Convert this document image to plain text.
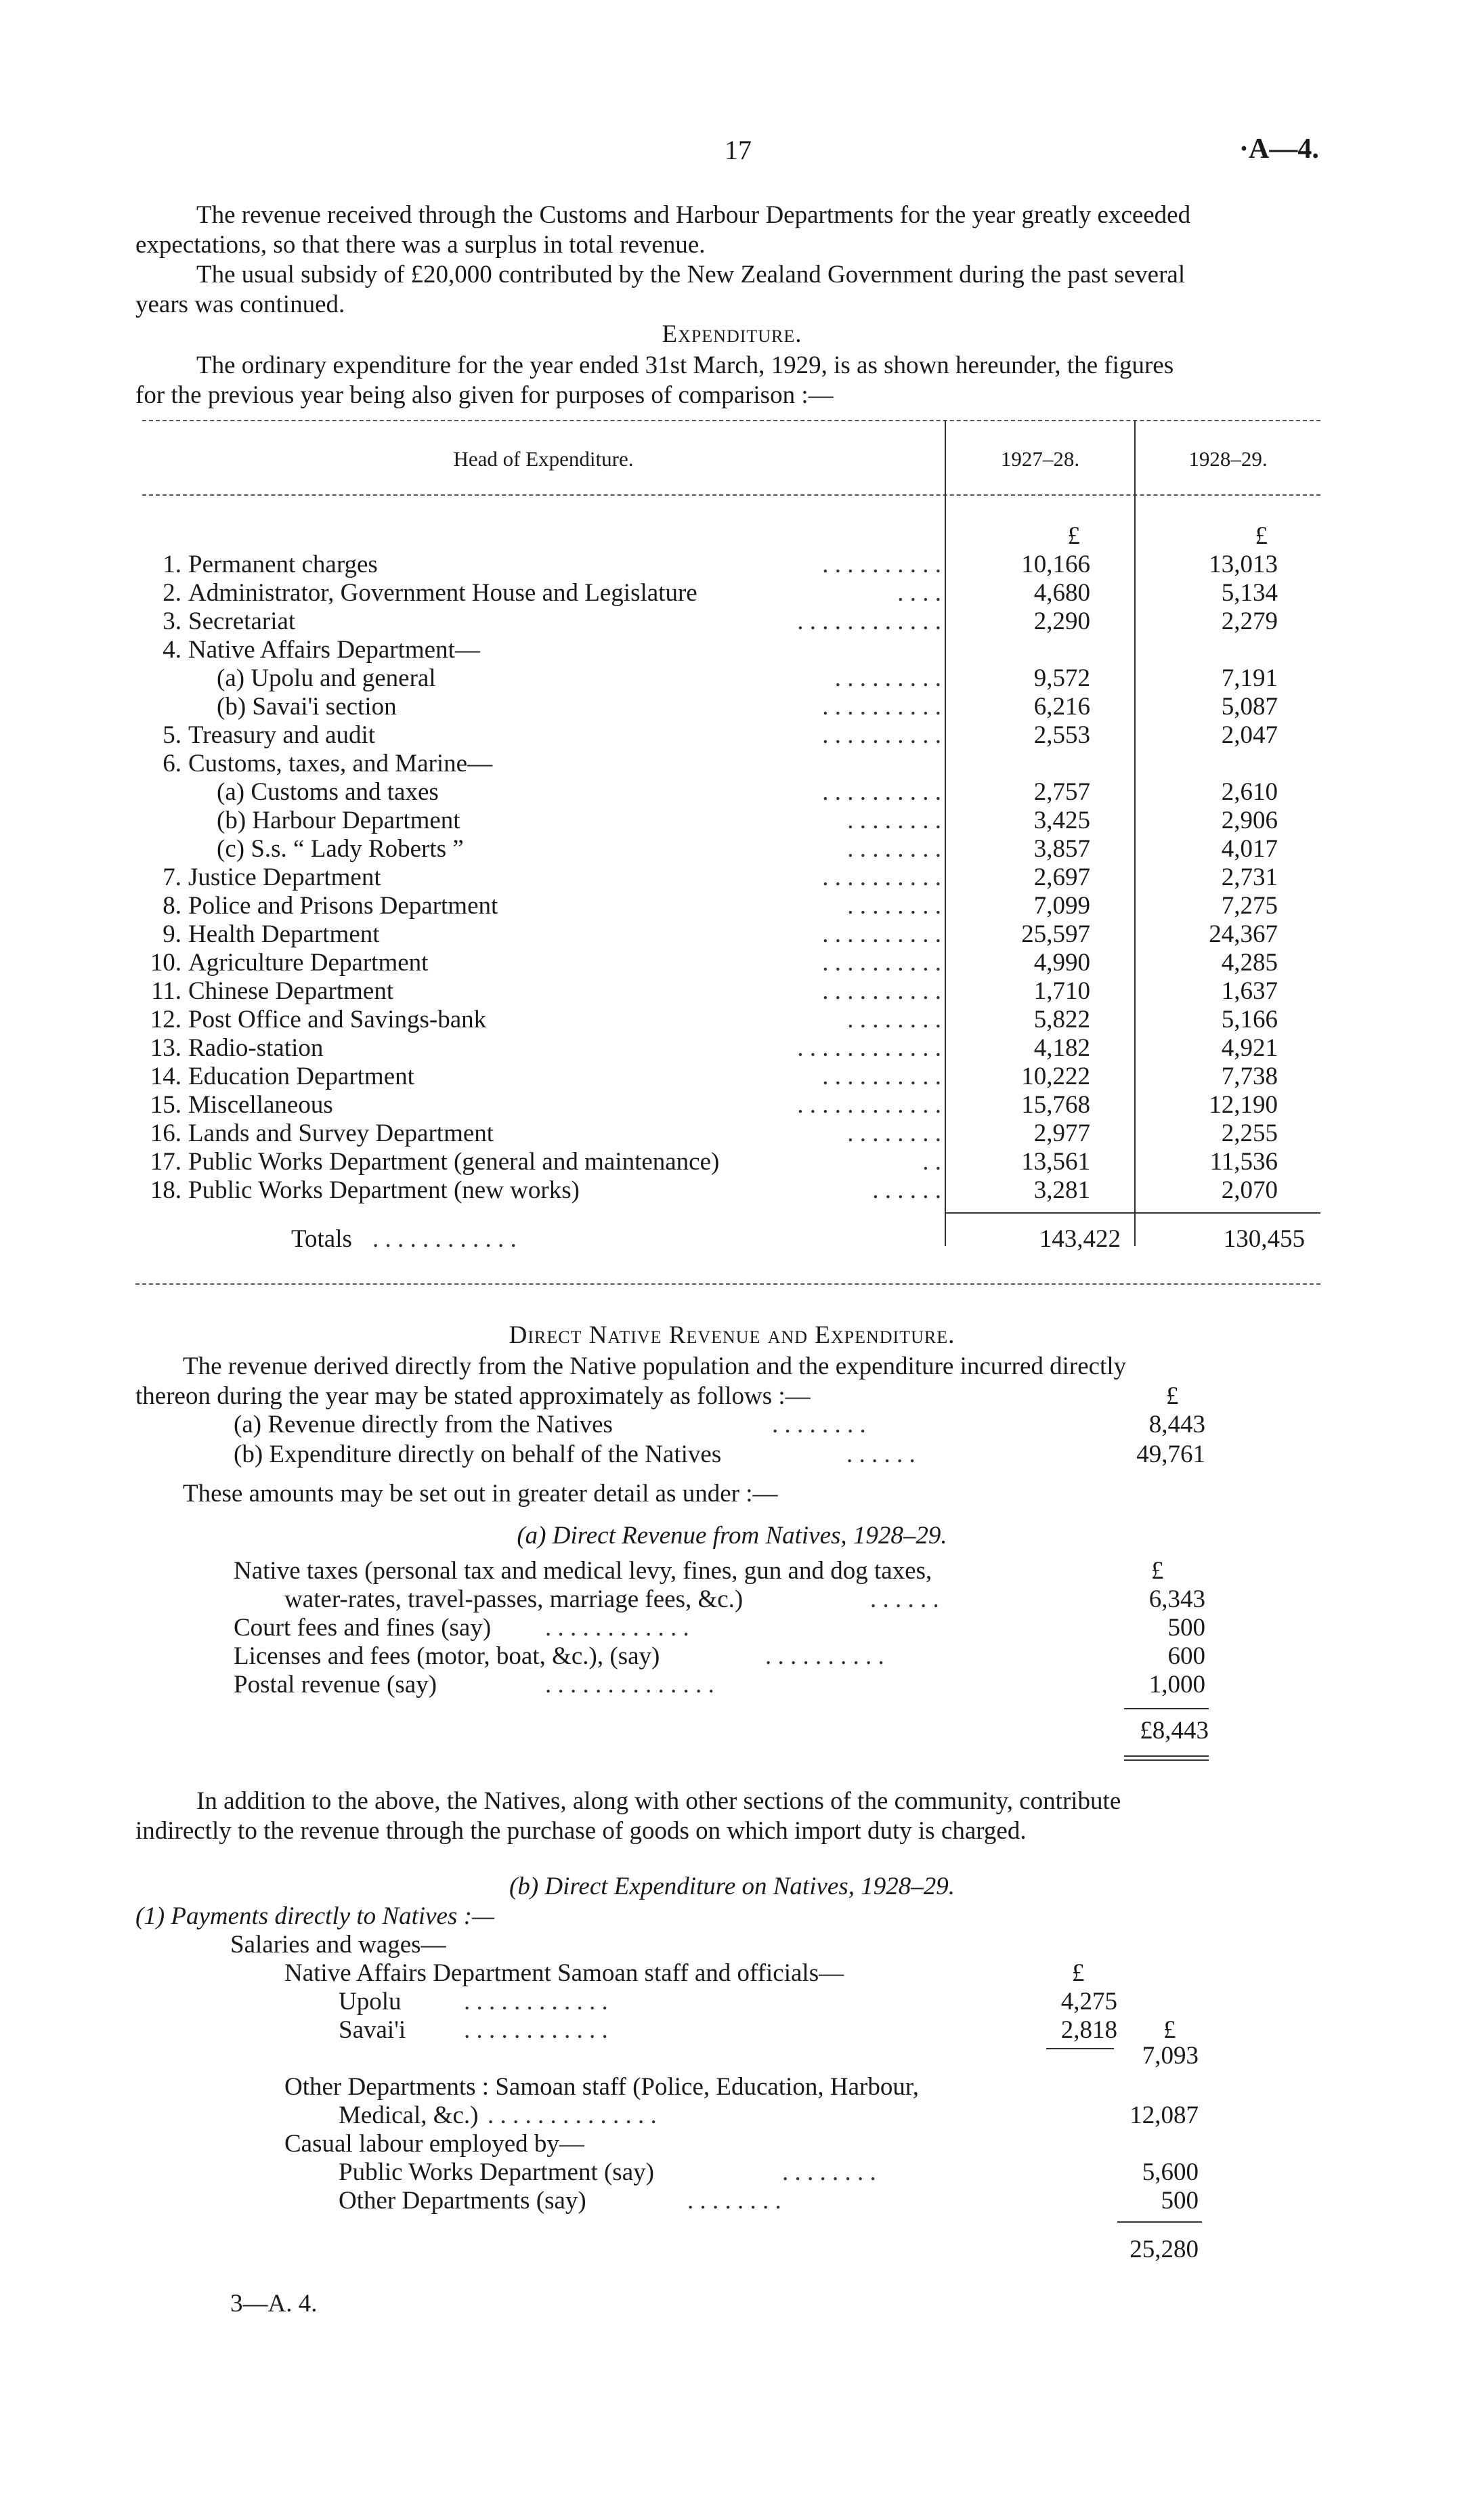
17	·A—4.
The revenue received through the Customs and Harbour Departments for the year greatly exceeded
expectations, so that there was a surplus in total revenue.
The usual subsidy of £20,000 contributed by the New Zealand Government during the past several
years was continued.
Expenditure.
The ordinary expenditure for the year ended 31st March, 1929, is as shown hereunder, the figures
for the previous year being also given for purposes of comparison :—
Head of Expenditure.	1927–28.	1928–29.
£	£
1. Permanent charges	. . . . . . . . . .	10,166	13,013
2. Administrator, Government House and Legislature	. . . .	4,680	5,134
3. Secretariat	. . . . . . . . . . . .	2,290	2,279
4. Native Affairs Department—
(a) Upolu and general	. . . . . . . . .	9,572	7,191
(b) Savai'i section	. . . . . . . . . .	6,216	5,087
5. Treasury and audit	. . . . . . . . . .	2,553	2,047
6. Customs, taxes, and Marine—
(a) Customs and taxes	. . . . . . . . . .	2,757	2,610
(b) Harbour Department	. . . . . . . .	3,425	2,906
(c) S.s. “ Lady Roberts ”	. . . . . . . .	3,857	4,017
7. Justice Department	. . . . . . . . . .	2,697	2,731
8. Police and Prisons Department	. . . . . . . .	7,099	7,275
9. Health Department	. . . . . . . . . .	25,597	24,367
10. Agriculture Department	. . . . . . . . . .	4,990	4,285
11. Chinese Department	. . . . . . . . . .	1,710	1,637
12. Post Office and Savings-bank	. . . . . . . .	5,822	5,166
13. Radio-station	. . . . . . . . . . . .	4,182	4,921
14. Education Department	. . . . . . . . . .	10,222	7,738
15. Miscellaneous	. . . . . . . . . . . .	15,768	12,190
16. Lands and Survey Department	. . . . . . . .	2,977	2,255
17. Public Works Department (general and maintenance)	. .	13,561	11,536
18. Public Works Department (new works)	. . . . . .	3,281	2,070
Totals . . . . . . . . . . . .	143,422	130,455
Direct Native Revenue and Expenditure.
The revenue derived directly from the Native population and the expenditure incurred directly
thereon during the year may be stated approximately as follows :—	£
(a) Revenue directly from the Natives	. . . . . . . .	8,443
(b) Expenditure directly on behalf of the Natives	. . . . . .	49,761
These amounts may be set out in greater detail as under :—
(a) Direct Revenue from Natives, 1928–29.
£
Native taxes (personal tax and medical levy, fines, gun and dog taxes,
water-rates, travel-passes, marriage fees, &c.)	. . . . . .	6,343
Court fees and fines (say) . . . . . . . . . . . .	500
Licenses and fees (motor, boat, &c.), (say)	. . . . . . . . . .	600
Postal revenue (say)	. . . . . . . . . . . . . .	1,000
£8,443
In addition to the above, the Natives, along with other sections of the community, contribute
indirectly to the revenue through the purchase of goods on which import duty is charged.
(b) Direct Expenditure on Natives, 1928–29.
(1) Payments directly to Natives :—
Salaries and wages—
Native Affairs Department Samoan staff and officials—	£
Upolu	. . . . . . . . . . . .	4,275
Savai'i . . . . . . . . . . . .	2,818 £
7,093
Other Departments : Samoan staff (Police, Education, Harbour,
Medical, &c.) . . . . . . . . . . . . . .	12,087
Casual labour employed by—
Public Works Department (say)	. . . . . . . .	5,600
Other Departments (say)	. . . . . . . .	500
25,280
3—A. 4.
